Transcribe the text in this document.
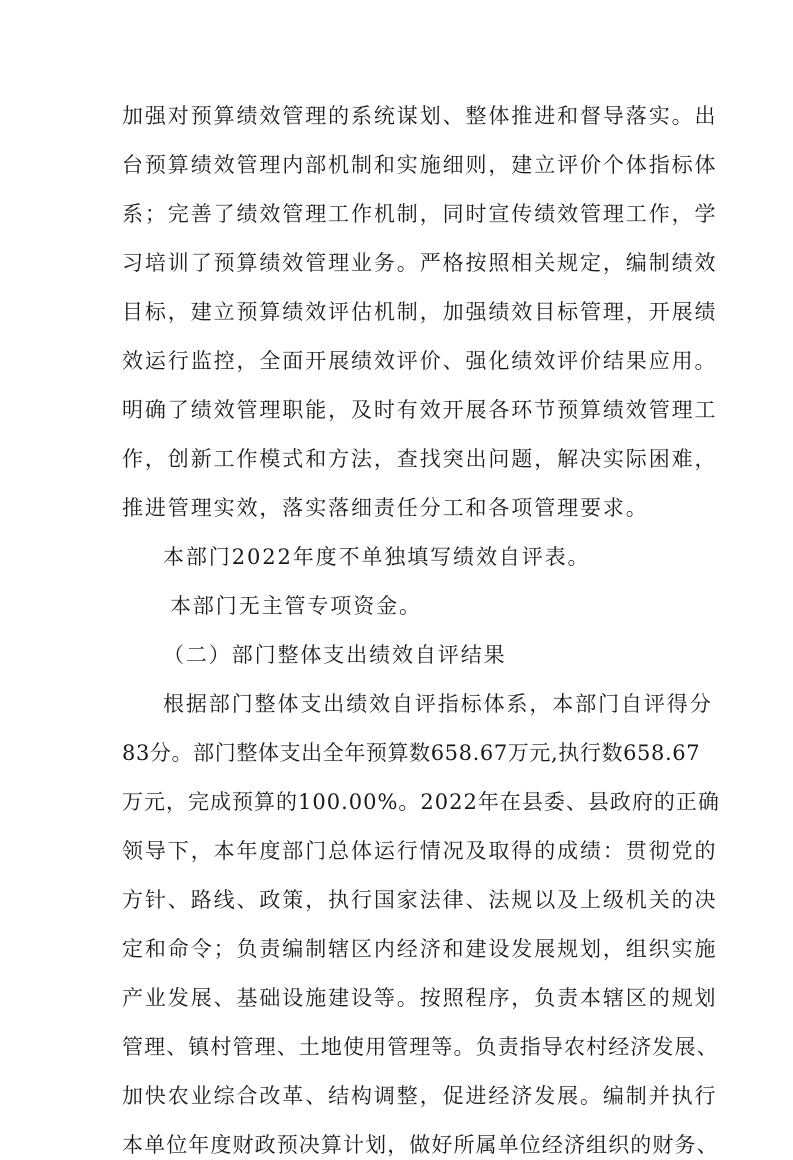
加强对预算绩效管理的系统谋划、整体推进和督导落实。出
台预算绩效管理内部机制和实施细则，建立评价个体指标体
系；完善了绩效管理工作机制，同时宣传绩效管理工作，学
习培训了预算绩效管理业务。严格按照相关规定，编制绩效
目标，建立预算绩效评估机制，加强绩效目标管理，开展绩
效运行监控，全面开展绩效评价、强化绩效评价结果应用。
明确了绩效管理职能，及时有效开展各环节预算绩效管理工
作，创新工作模式和方法，查找突出问题，解决实际困难，
推进管理实效，落实落细责任分工和各项管理要求。
本部门2022年度不单独填写绩效自评表。
本部门无主管专项资金。
（二）部门整体支出绩效自评结果
根据部门整体支出绩效自评指标体系，本部门自评得分
83分。部门整体支出全年预算数658.67万元,执行数658.67
万元，完成预算的100.00%。2022年在县委、县政府的正确
领导下，本年度部门总体运行情况及取得的成绩：贯彻党的
方针、路线、政策，执行国家法律、法规以及上级机关的决
定和命令；负责编制辖区内经济和建设发展规划，组织实施
产业发展、基础设施建设等。按照程序，负责本辖区的规划
管理、镇村管理、土地使用管理等。负责指导农村经济发展、
加快农业综合改革、结构调整，促进经济发展。编制并执行
本单位年度财政预决算计划，做好所属单位经济组织的财务、
